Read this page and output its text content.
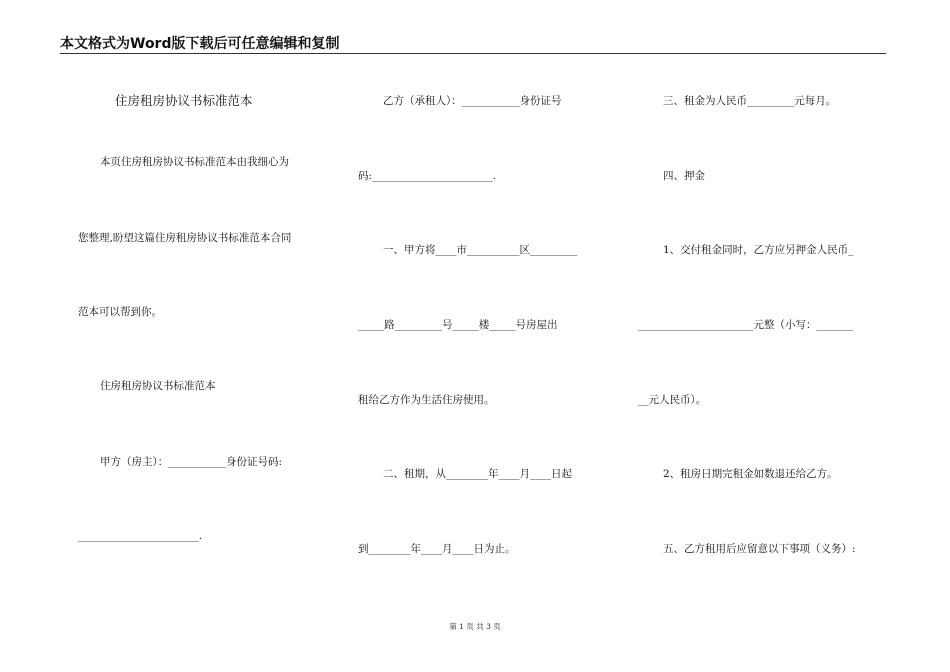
本文格式为Word版下载后可任意编辑和复制
住房租房协议书标准范本
本页住房租房协议书标准范本由我细心为
您整理,盼望这篇住房租房协议书标准范本合同
范本可以帮到你。
住房租房协议书标准范本
甲方（房主）：___________身份证号码:
_______________________.
乙方（承租人）：___________身份证号
码:_______________________.
一、甲方将____市__________区_________
_____路_________号_____楼_____号房屋出
租给乙方作为生活住房使用。
二、租期，从________年____月____日起
到________年____月____日为止。
三、租金为人民币_________元每月。
四、押金
1、交付租金同时，乙方应另押金人民币_
______________________元整（小写：_______
__元人民币）。
2、租房日期完租金如数退还给乙方。
五、乙方租用后应留意以下事项（义务）:
第 1 页 共 3 页
